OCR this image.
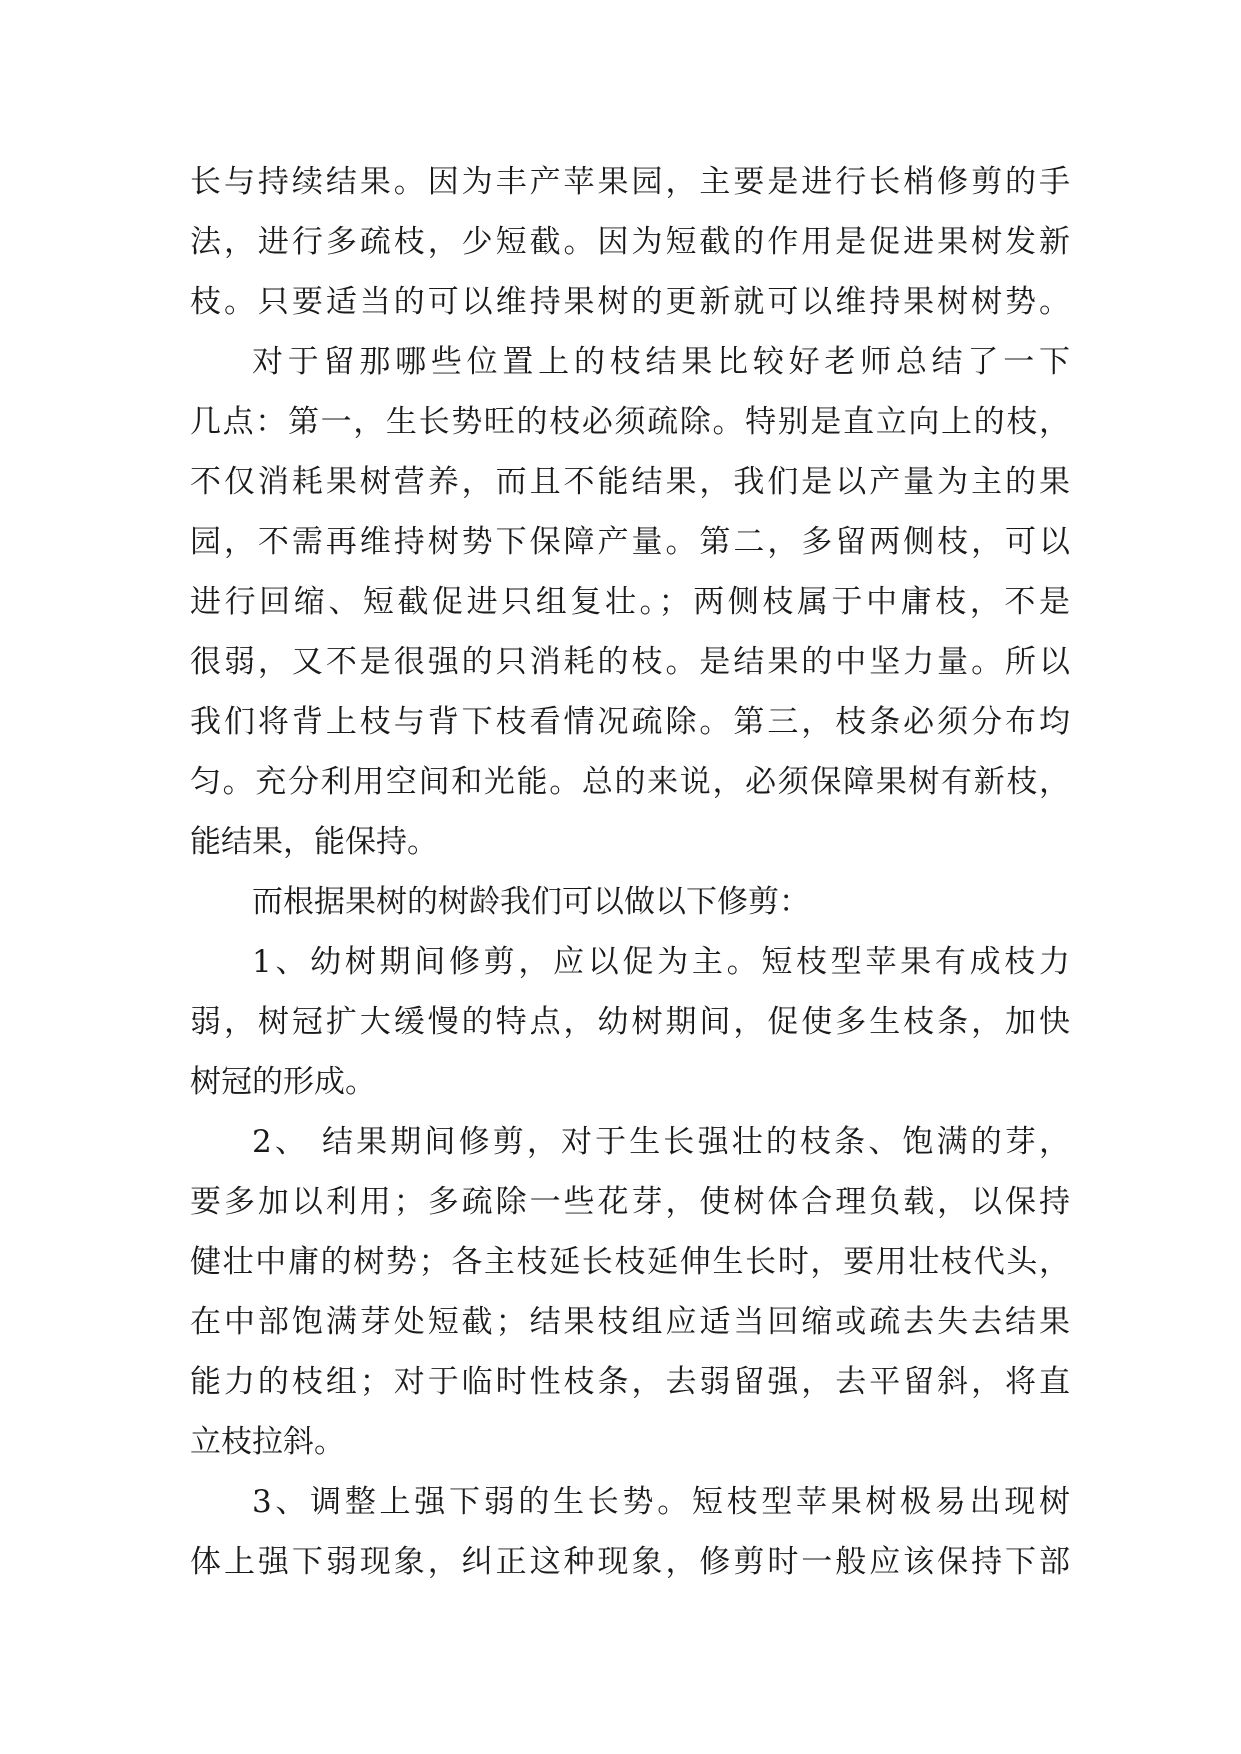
长与持续结果。因为丰产苹果园，主要是进行长梢修剪的手
法，进行多疏枝，少短截。因为短截的作用是促进果树发新
枝。只要适当的可以维持果树的更新就可以维持果树树势。
对于留那哪些位置上的枝结果比较好老师总结了一下
几点：第一，生长势旺的枝必须疏除。特别是直立向上的枝，
不仅消耗果树营养，而且不能结果，我们是以产量为主的果
园，不需再维持树势下保障产量。第二，多留两侧枝，可以
进行回缩、短截促进只组复壮。；两侧枝属于中庸枝，不是
很弱，又不是很强的只消耗的枝。是结果的中坚力量。所以
我们将背上枝与背下枝看情况疏除。第三，枝条必须分布均
匀。充分利用空间和光能。总的来说，必须保障果树有新枝，
能结果，能保持。
而根据果树的树龄我们可以做以下修剪：
1、幼树期间修剪，应以促为主。短枝型苹果有成枝力
弱，树冠扩大缓慢的特点，幼树期间，促使多生枝条，加快
树冠的形成。
2、 结果期间修剪，对于生长强壮的枝条、饱满的芽，
要多加以利用；多疏除一些花芽，使树体合理负载，以保持
健壮中庸的树势；各主枝延长枝延伸生长时，要用壮枝代头，
在中部饱满芽处短截；结果枝组应适当回缩或疏去失去结果
能力的枝组；对于临时性枝条，去弱留强，去平留斜，将直
立枝拉斜。
3、调整上强下弱的生长势。短枝型苹果树极易出现树
体上强下弱现象，纠正这种现象，修剪时一般应该保持下部
